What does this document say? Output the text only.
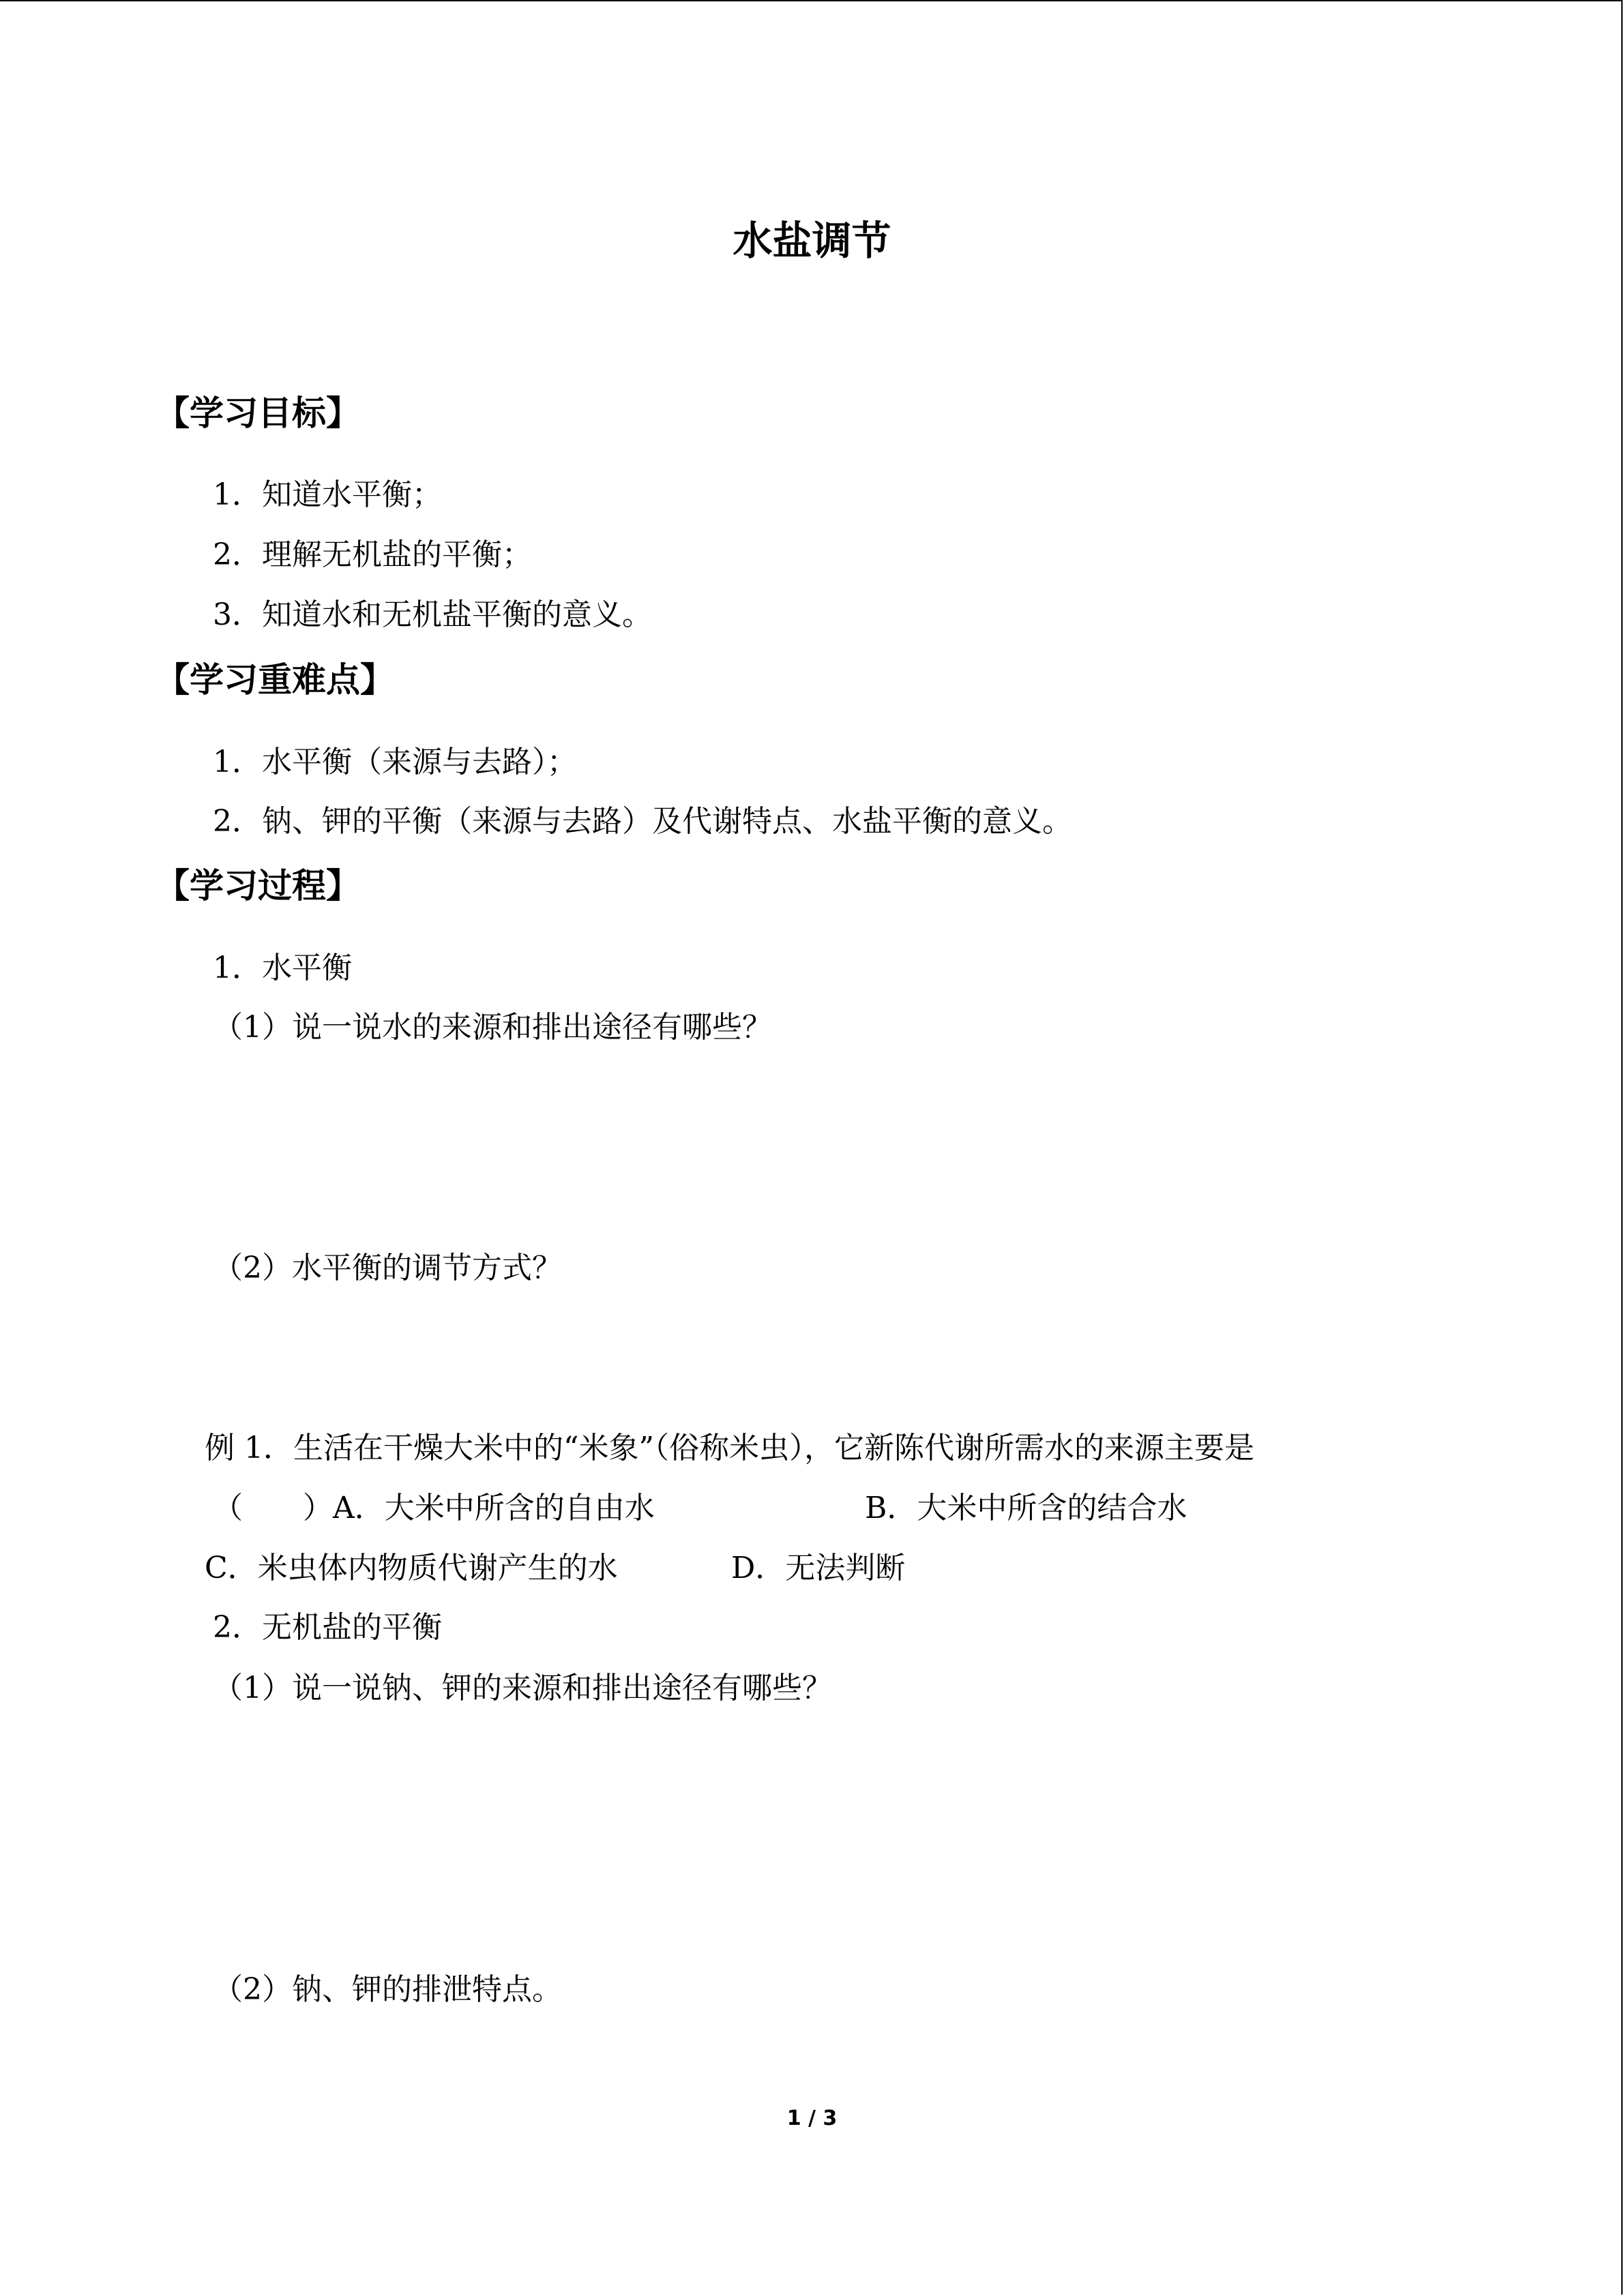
水盐调节
【学习目标】
1．知道水平衡；
2．理解无机盐的平衡；
3．知道水和无机盐平衡的意义。
【学习重难点】
1．水平衡（来源与去路）；
2．钠、钾的平衡（来源与去路）及代谢特点、水盐平衡的意义。
【学习过程】
1．水平衡
（1）说一说水的来源和排出途径有哪些？
（2）水平衡的调节方式？
例 1．生活在干燥大米中的“米象”（俗称米虫），它新陈代谢所需水的来源主要是
（　　） A．大米中所含的自由水	B．大米中所含的结合水
C．米虫体内物质代谢产生的水	D．无法判断
2．无机盐的平衡
（1）说一说钠、钾的来源和排出途径有哪些？
（2）钠、钾的排泄特点。
1 / 3
